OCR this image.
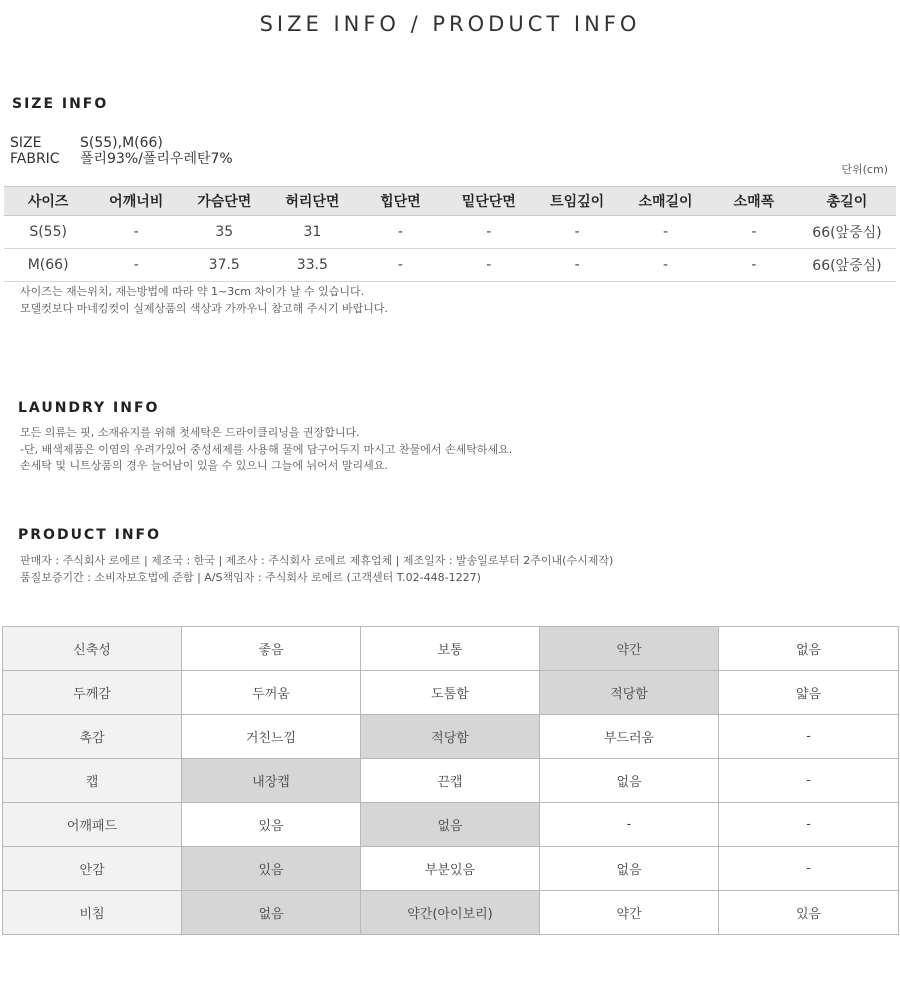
SIZE INFO / PRODUCT INFO
SIZE INFO
SIZE	S(55),M(66)
FABRIC 폴리93%/폴리우레탄7%
단위(cm)
사이즈	어깨너비	가슴단면	허리단면	힙단면	밑단단면	트임깊이	소매길이	소매폭	총길이
S(55)	-	35	31	-	-	-	-	-	66(앞중심)
M(66)	-	37.5	33.5	-	-	-	-	-	66(앞중심)
사이즈는 재는위치, 재는방법에 따라 약 1~3cm 차이가 날 수 있습니다.
모델컷보다 마네킹컷이 실제상품의 색상과 가까우니 참고해 주시기 바랍니다.
LAUNDRY INFO
모든 의류는 핏, 소재유지를 위해 첫세탁은 드라이클리닝을 권장합니다.
-단, 배색제품은 이염의 우려가있어 중성세제를 사용해 물에 담구어두지 마시고 찬물에서 손세탁하세요.
손세탁 및 니트상품의 경우 늘어남이 있을 수 있으니 그늘에 뉘어서 말리세요.
PRODUCT INFO
판매자 : 주식회사 로에르 | 제조국 : 한국 | 제조사 : 주식회사 로에르 제휴업체 | 제조일자 : 발송일로부터 2주이내(수시제작)
품질보증기간 : 소비자보호법에 준함 | A/S책임자 : 주식회사 로에르 (고객센터 T.02-448-1227)
신축성	좋음	보통	약간	없음
두께감	두꺼움	도톰함	적당함	얇음
촉감	거친느낌	적당함	부드러움	-
캡	내장캡	끈캡	없음	-
어깨패드	있음	없음	-	-
안감	있음	부분있음	없음	-
비침	없음	약간(아이보리)	약간	있음
